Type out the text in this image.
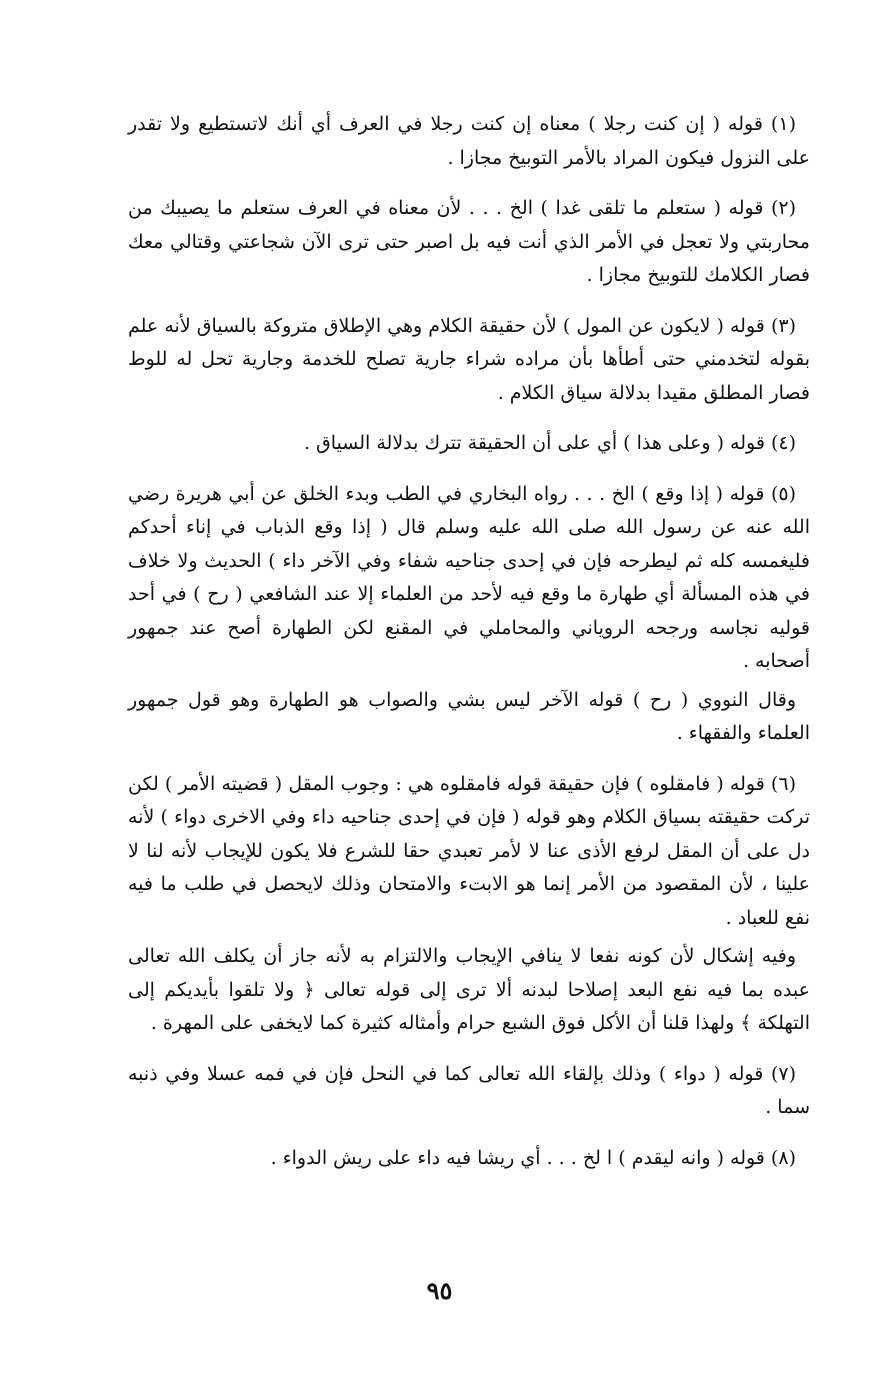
(١) قوله ( إن كنت رجلا ) معناه إن كنت رجلا في العرف أي أنك لاتستطيع ولا تقدر على النزول فيكون المراد بالأمر التوبيخ مجازا .

(٢) قوله ( ستعلم ما تلقى غدا ) الخ . . . لأن معناه في العرف ستعلم ما يصيبك من محاربتي ولا تعجل في الأمر الذي أنت فيه بل اصبر حتى ترى الآن شجاعتي وقتالي معك فصار الكلامك للتوبيخ مجازا .

(٣) قوله ( لايكون عن المول ) لأن حقيقة الكلام وهي الإطلاق متروكة بالسياق لأنه علم بقوله لتخدمني حتى أطأها بأن مراده شراء جارية تصلح للخدمة وجارية تحل له للوط فصار المطلق مقيدا بدلالة سياق الكلام .

(٤) قوله ( وعلى هذا ) أي على أن الحقيقة تترك بدلالة السياق .

(٥) قوله ( إذا وقع ) الخ . . . رواه البخاري في الطب وبدء الخلق عن أبي هريرة رضي الله عنه عن رسول الله صلى الله عليه وسلم قال ( إذا وقع الذباب في إناء أحدكم فليغمسه كله ثم ليطرحه فإن في إحدى جناحيه شفاء وفي الآخر داء ) الحديث ولا خلاف في هذه المسألة أي طهارة ما وقع فيه لأحد من العلماء إلا عند الشافعي ( رح ) في أحد قوليه نجاسه ورجحه الروياني والمحاملي في المقنع لكن الطهارة أصح عند جمهور أصحابه .

وقال النووي ( رح ) قوله الآخر ليس بشي والصواب هو الطهارة وهو قول جمهور العلماء والفقهاء .

(٦) قوله ( فامقلوه ) فإن حقيقة قوله فامقلوه هي : وجوب المقل ( قضيته الأمر ) لكن تركت حقيقته بسياق الكلام وهو قوله ( فإن في إحدى جناحيه داء وفي الاخرى دواء ) لأنه دل على أن المقل لرفع الأذى عنا لا لأمر تعبدي حقا للشرع فلا يكون للإيجاب لأنه لنا لا علينا ، لأن المقصود من الأمر إنما هو الابتء والامتحان وذلك لايحصل في طلب ما فيه نفع للعباد .

وفيه إشكال لأن كونه نفعا لا ينافي الإيجاب والالتزام به لأنه جاز أن يكلف الله تعالى عبده بما فيه نفع البعد إصلاحا لبدنه ألا ترى إلى قوله تعالى ﴿ ولا تلقوا بأيديكم إلى التهلكة ﴾ ولهذا قلنا أن الأكل فوق الشبع حرام وأمثاله كثيرة كما لايخفى على المهرة .

(٧) قوله ( دواء ) وذلك بإلقاء الله تعالى كما في النحل فإن في فمه عسلا وفي ذنبه سما .

(٨) قوله ( وانه ليقدم ) ا لخ . . . أي ريشا فيه داء على ريش الدواء .

٩٥
